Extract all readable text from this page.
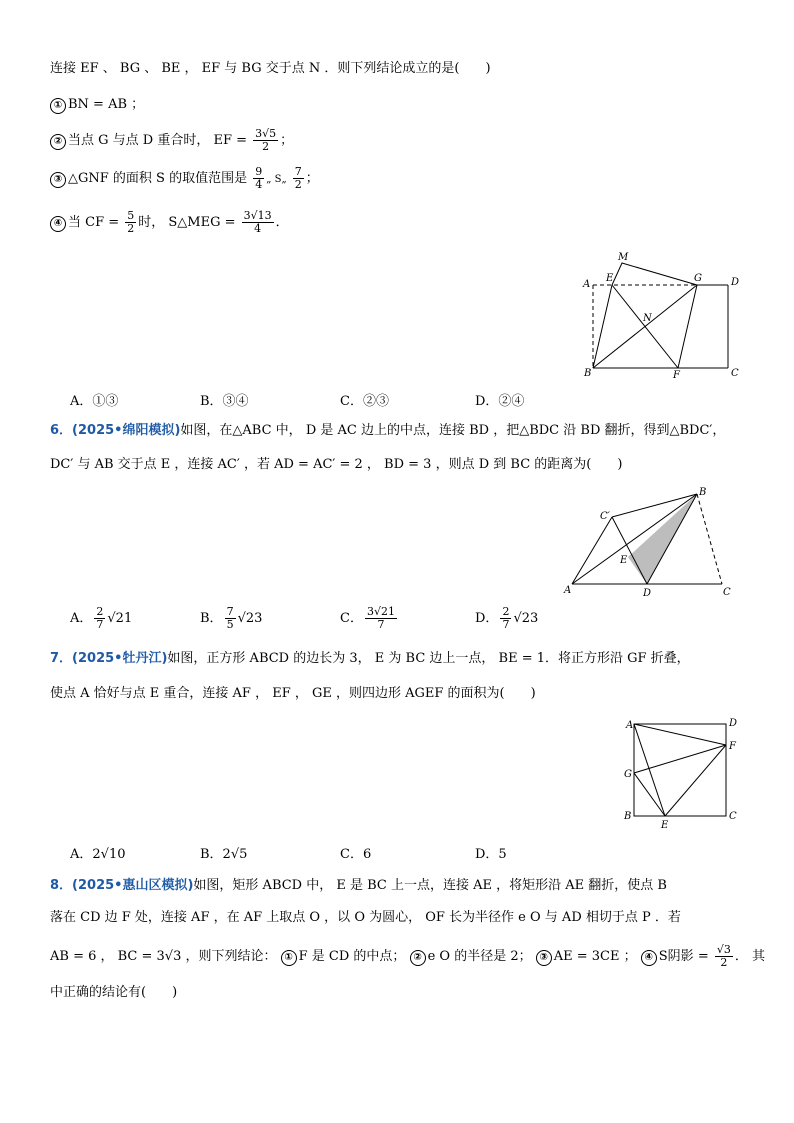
连接 EF 、 BG 、 BE ， EF 与 BG 交于点 N ．则下列结论成立的是(　　)
① BN = AB ；
② 当点 G 与点 D 重合时， EF = $\frac{3√5}{2}$ ；
③ △GNF 的面积 S 的取值范围是 $\frac{9}{4}$ „ S„ $\frac{7}{2}$ ；
④ 当 CF = $\frac{5}{2}$ 时， S△MEG = $\frac{3√13}{4}$ ．
M
E	G	D
A
N
B	F	C
A．①③	B．③④	C．②③	D．②④
6．(2025•绵阳模拟)如图，在△ABC 中， D 是 AC 边上的中点，连接 BD ，把△BDC 沿 BD 翻折，得到△BDC′，
DC′ 与 AB 交于点 E ，连接 AC′ ，若 AD = AC′ = 2 ， BD = 3 ，则点 D 到 BC 的距离为(　　)
B
C′
E
A	D	C
A． $\frac{2}{7} √21$	B． $\frac{7}{5} √23$	C． $\frac{3√21}{7}$	D． $\frac{2}{7} √23$
7．(2025•牡丹江)如图，正方形 ABCD 的边长为 3， E 为 BC 边上一点， BE = 1．将正方形沿 GF 折叠，
使点 A 恰好与点 E 重合，连接 AF ， EF ， GE ，则四边形 AGEF 的面积为(　　)
A	D
F
G
B
E
C
A．2√10	B．2√5	C．6	D．5
8．(2025•惠山区模拟)如图，矩形 ABCD 中， E 是 BC 上一点，连接 AE ，将矩形沿 AE 翻折，使点 B
落在 CD 边 F 处，连接 AF ，在 AF 上取点 O ，以 O 为圆心， OF 长为半径作 e O 与 AD 相切于点 P ．若
AB = 6 ， BC = 3√3 ，则下列结论： ① F 是 CD 的中点； ② e O 的半径是 2； ③ AE = 3CE ； ④ S阴影 = $\frac{√3}{2}$ ． 其
中正确的结论有(　　)
